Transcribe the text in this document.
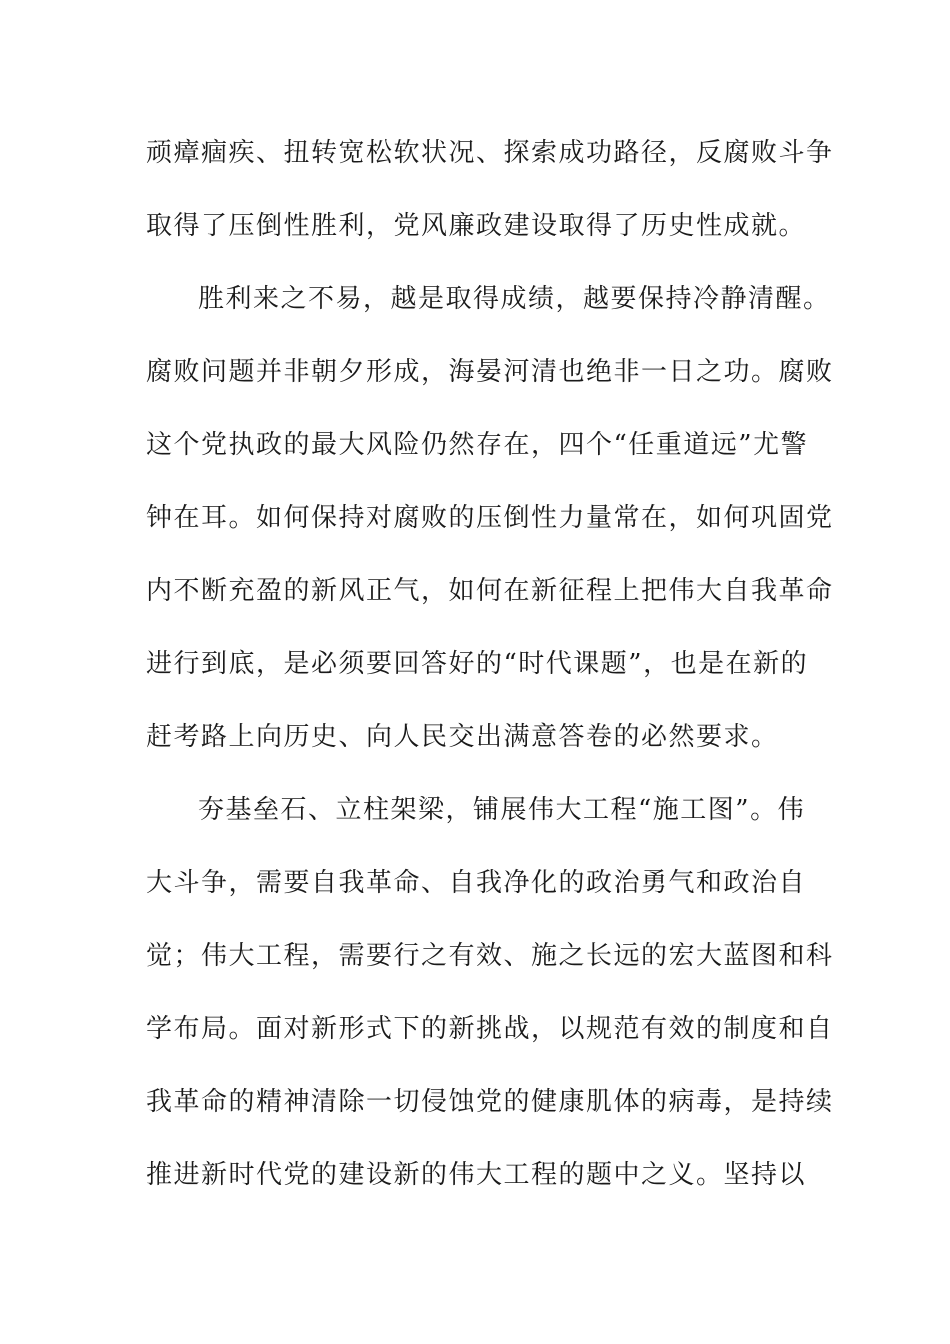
顽瘴痼疾、扭转宽松软状况、探索成功路径，反腐败斗争
取得了压倒性胜利，党风廉政建设取得了历史性成就。
胜利来之不易，越是取得成绩，越要保持冷静清醒。
腐败问题并非朝夕形成，海晏河清也绝非一日之功。腐败
这个党执政的最大风险仍然存在，四个“任重道远”尤警
钟在耳。如何保持对腐败的压倒性力量常在，如何巩固党
内不断充盈的新风正气，如何在新征程上把伟大自我革命
进行到底，是必须要回答好的“时代课题”，也是在新的
赶考路上向历史、向人民交出满意答卷的必然要求。
夯基垒石、立柱架梁，铺展伟大工程“施工图”。伟
大斗争，需要自我革命、自我净化的政治勇气和政治自
觉；伟大工程，需要行之有效、施之长远的宏大蓝图和科
学布局。面对新形式下的新挑战，以规范有效的制度和自
我革命的精神清除一切侵蚀党的健康肌体的病毒，是持续
推进新时代党的建设新的伟大工程的题中之义。坚持以
